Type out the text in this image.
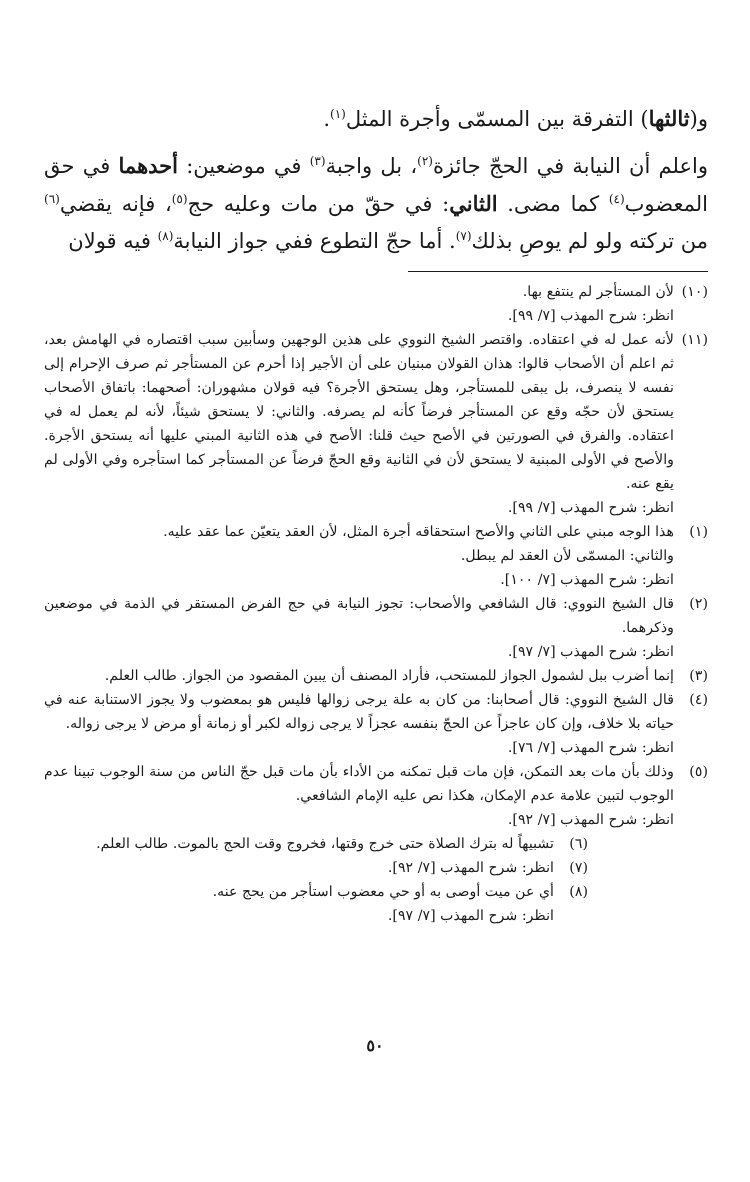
و(ثالثها) التفرقة بين المسمّى وأجرة المثل$^{(١)}$.

واعلم أن النيابة في الحجّ جائزة$^{(٢)}$، بل واجبة$^{(٣)}$ في موضعين: أحدهما في حق المعضوب$^{(٤)}$ كما مضى. الثاني: في حقّ من مات وعليه حج$^{(٥)}$، فإنه يقضي$^{(٦)}$ من تركته ولو لم يوصِ بذلك$^{(٧)}$. أما حجّ التطوع ففي جواز النيابة$^{(٨)}$ فيه قولان

(١٠)
لأن المستأجر لم ينتفع بها.
انظر: شرح المهذب [٧/ ٩٩].
(١١)
لأنه عمل له في اعتقاده. واقتصر الشيخ النووي على هذين الوجهين وسأبين سبب اقتصاره في الهامش بعد، ثم اعلم أن الأصحاب قالوا: هذان القولان مبنيان على أن الأجير إذا أحرم عن المستأجر ثم صرف الإحرام إلى نفسه لا ينصرف، بل يبقى للمستأجر، وهل يستحق الأجرة؟ فيه قولان مشهوران: أصحهما: باتفاق الأصحاب يستحق لأن حجّه وقع عن المستأجر فرضاً كأنه لم يصرفه. والثاني: لا يستحق شيئاً، لأنه لم يعمل له في اعتقاده. والفرق في الصورتين في الأصح حيث قلنا: الأصح في هذه الثانية المبني عليها أنه يستحق الأجرة. والأصح في الأولى المبنية لا يستحق لأن في الثانية وقع الحجّ فرضاً عن المستأجر كما استأجره وفي الأولى لم يقع عنه.
انظر: شرح المهذب [٧/ ٩٩].
(١)
هذا الوجه مبني على الثاني والأصح استحقاقه أجرة المثل، لأن العقد يتعيّن عما عقد عليه.
والثاني: المسمّى لأن العقد لم يبطل.
انظر: شرح المهذب [٧/ ١٠٠].
(٢)
قال الشيخ النووي: قال الشافعي والأصحاب: تجوز النيابة في حج الفرض المستقر في الذمة في موضعين وذكرهما.
انظر: شرح المهذب [٧/ ٩٧].
(٣)
إنما أضرب ببل لشمول الجواز للمستحب، فأراد المصنف أن يبين المقصود من الجواز. طالب العلم.
(٤)
قال الشيخ النووي: قال أصحابنا: من كان به علة يرجى زوالها فليس هو بمعضوب ولا يجوز الاستنابة عنه في حياته بلا خلاف، وإن كان عاجزاً عن الحجّ بنفسه عجزاً لا يرجى زواله لكبر أو زمانة أو مرض لا يرجى زواله.
انظر: شرح المهذب [٧/ ٧٦].
(٥)
وذلك بأن مات بعد التمكن، فإن مات قبل تمكنه من الأداء بأن مات قبل حجّ الناس من سنة الوجوب تبينا عدم الوجوب لتبين علامة عدم الإمكان، هكذا نص عليه الإمام الشافعي.
انظر: شرح المهذب [٧/ ٩٢].
(٦)
تشبيهاً له بترك الصلاة حتى خرج وقتها، فخروج وقت الحج بالموت. طالب العلم.
(٧)
انظر: شرح المهذب [٧/ ٩٢].
(٨)
أي عن ميت أوصى به أو حي معضوب استأجر من يحج عنه.
انظر: شرح المهذب [٧/ ٩٧].
٥٠
